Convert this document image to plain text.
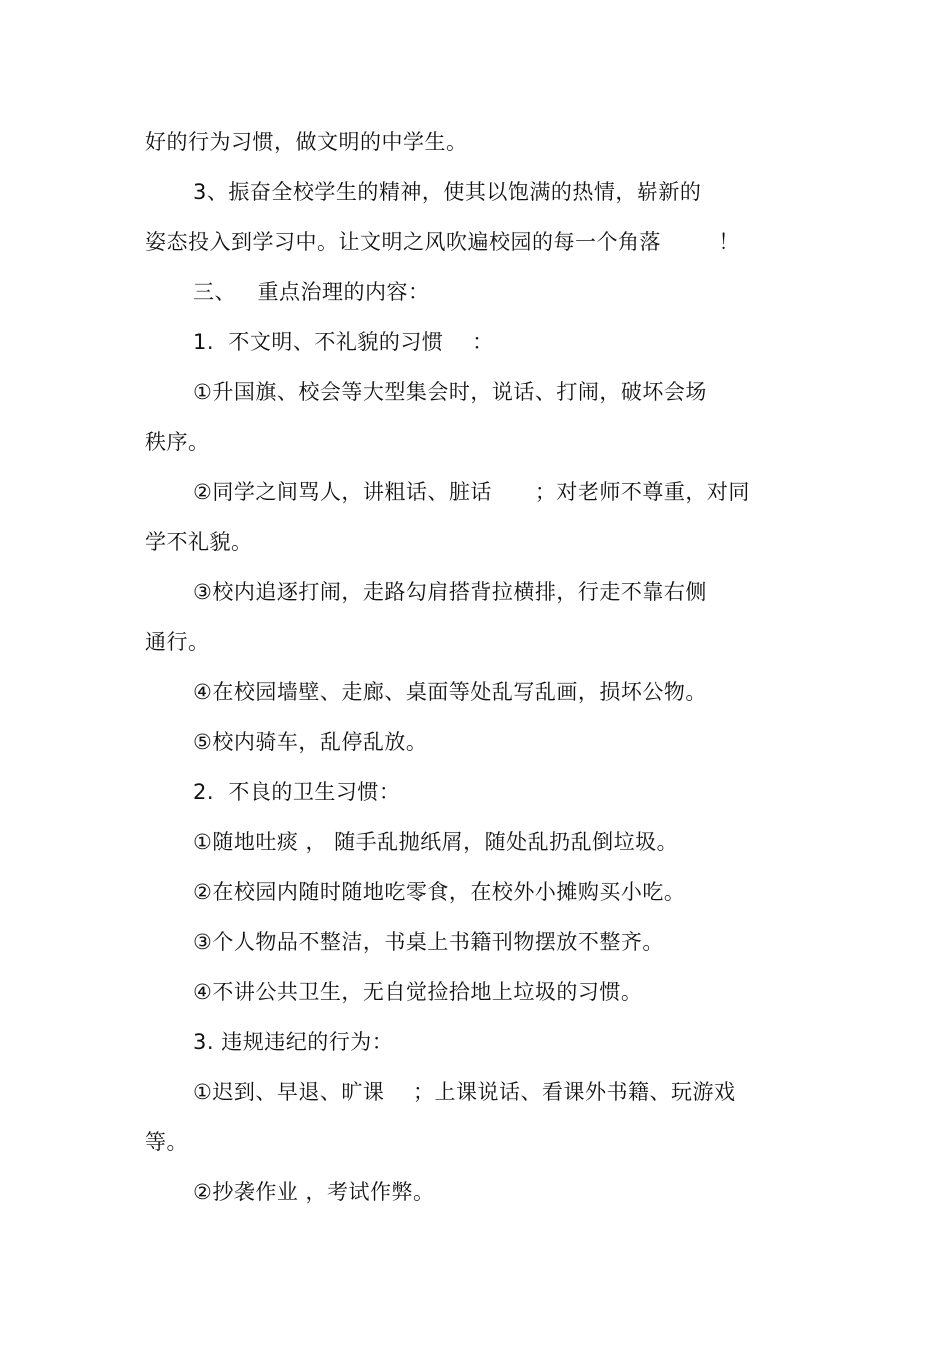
好的行为习惯，做文明的中学生。
3、振奋全校学生的精神，使其以饱满的热情，崭新的
姿态投入到学习中。让文明之风吹遍校园的每一个角落        ！
三、   重点治理的内容：
1.  不文明、不礼貌的习惯    ：
①升国旗、校会等大型集会时，说话、打闹，破坏会场
秩序。
②同学之间骂人，讲粗话、脏话      ；对老师不尊重，对同
学不礼貌。
③校内追逐打闹，走路勾肩搭背拉横排，行走不靠右侧
通行。
④在校园墙壁、走廊、桌面等处乱写乱画，损坏公物。
⑤校内骑车，乱停乱放。
2.  不良的卫生习惯：
①随地吐痰 ， 随手乱抛纸屑，随处乱扔乱倒垃圾。
②在校园内随时随地吃零食，在校外小摊购买小吃。
③个人物品不整洁，书桌上书籍刊物摆放不整齐。
④不讲公共卫生，无自觉捡拾地上垃圾的习惯。
3. 违规违纪的行为：
①迟到、早退、旷课    ；上课说话、看课外书籍、玩游戏
等。
②抄袭作业 ，考试作弊。
